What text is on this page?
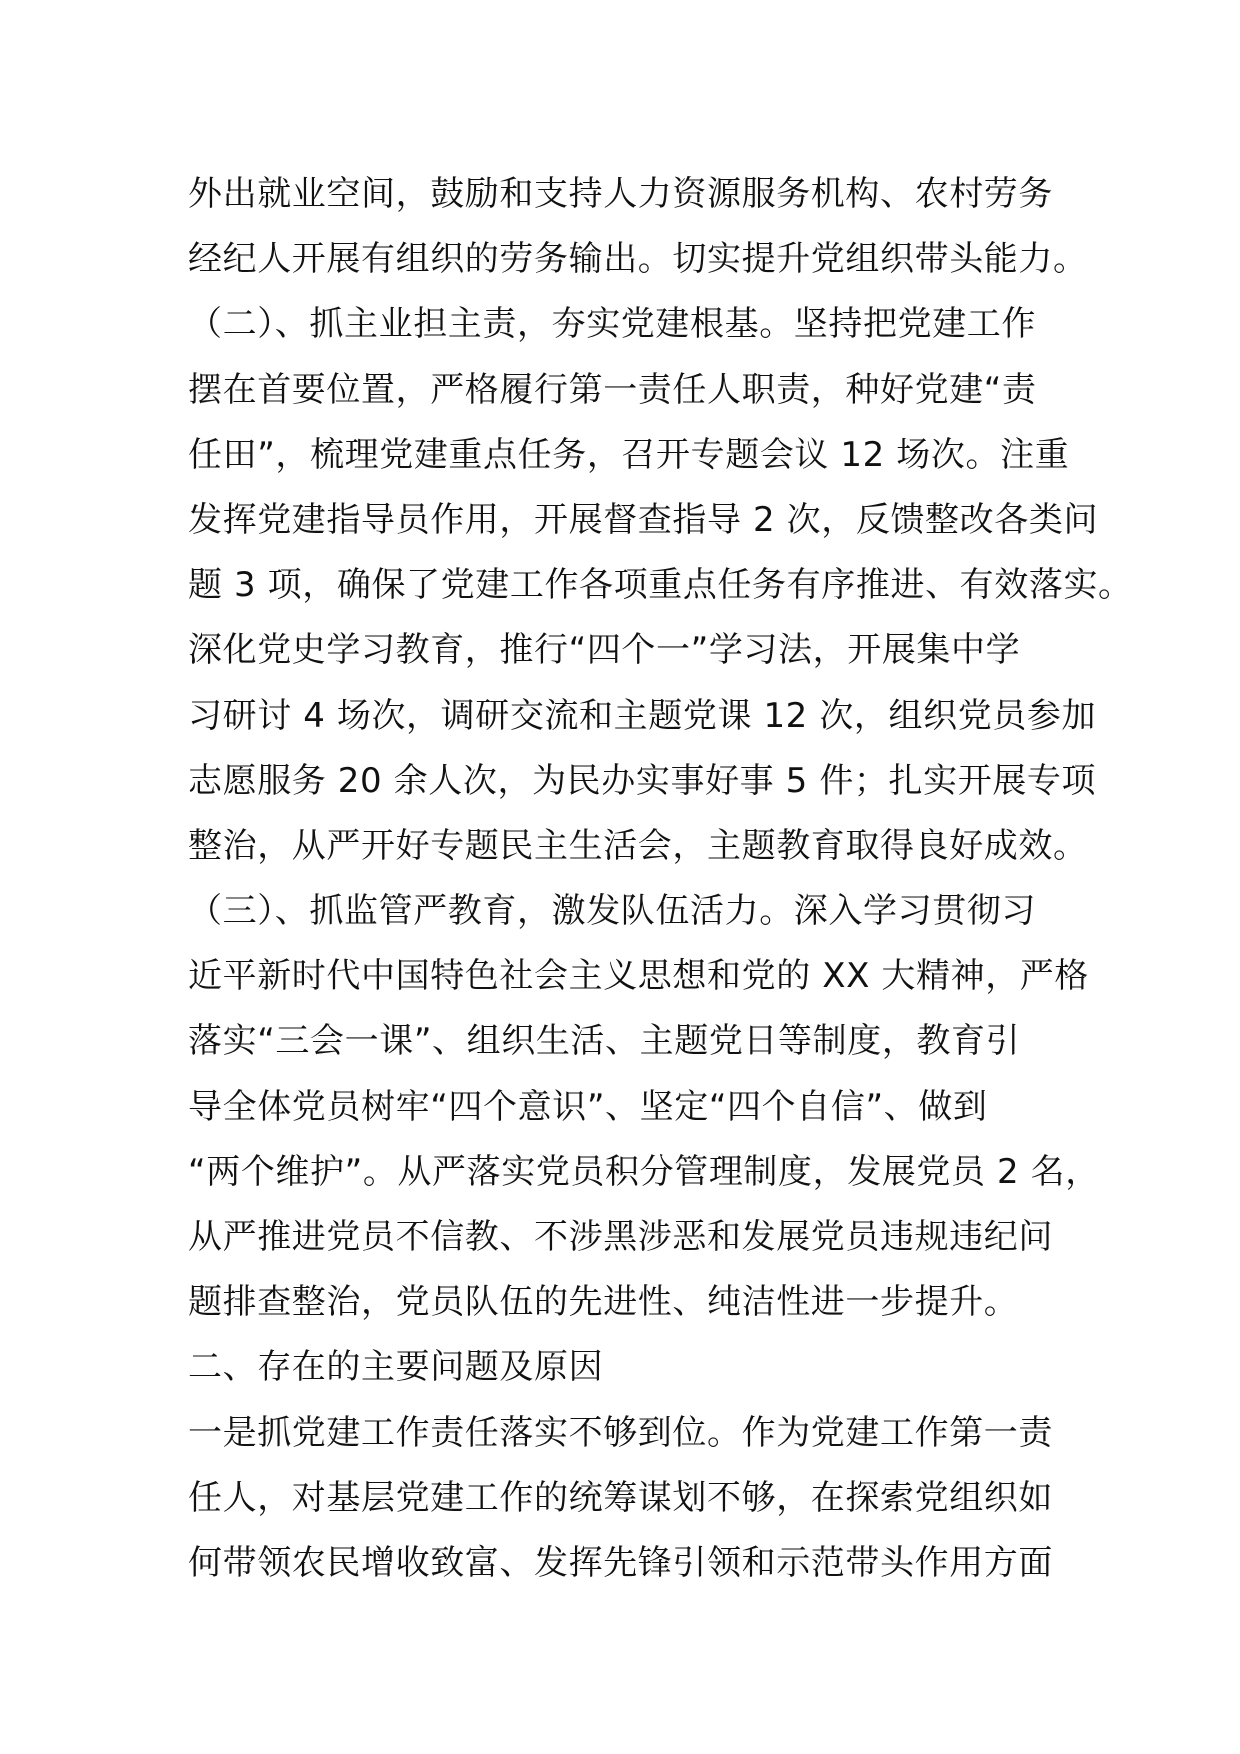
外出就业空间，鼓励和支持人力资源服务机构、农村劳务
经纪人开展有组织的劳务输出。切实提升党组织带头能力。
（二）、抓主业担主责，夯实党建根基。坚持把党建工作
摆在首要位置，严格履行第一责任人职责，种好党建“责
任田”，梳理党建重点任务，召开专题会议 12 场次。注重
发挥党建指导员作用，开展督查指导 2 次，反馈整改各类问
题 3 项，确保了党建工作各项重点任务有序推进、有效落实。
深化党史学习教育，推行“四个一”学习法，开展集中学
习研讨 4 场次，调研交流和主题党课 12 次，组织党员参加
志愿服务 20 余人次，为民办实事好事 5 件；扎实开展专项
整治，从严开好专题民主生活会，主题教育取得良好成效。
（三）、抓监管严教育，激发队伍活力。深入学习贯彻习
近平新时代中国特色社会主义思想和党的 XX 大精神，严格
落实“三会一课”、组织生活、主题党日等制度，教育引
导全体党员树牢“四个意识”、坚定“四个自信”、做到
“两个维护”。从严落实党员积分管理制度，发展党员 2 名，
从严推进党员不信教、不涉黑涉恶和发展党员违规违纪问
题排查整治，党员队伍的先进性、纯洁性进一步提升。
二、存在的主要问题及原因
一是抓党建工作责任落实不够到位。作为党建工作第一责
任人，对基层党建工作的统筹谋划不够，在探索党组织如
何带领农民增收致富、发挥先锋引领和示范带头作用方面
